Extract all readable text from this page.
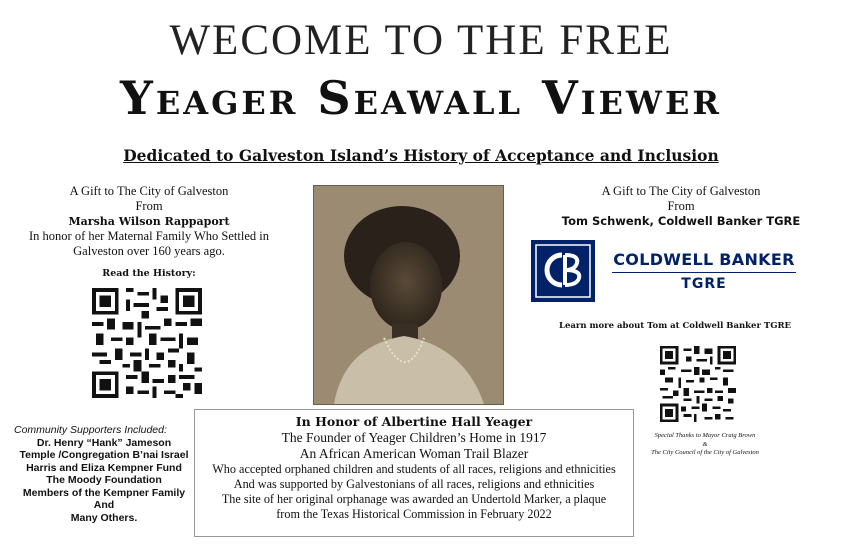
WECOME TO THE FREE
Yeager Seawall Viewer
Dedicated to Galveston Island’s History of Acceptance and Inclusion
A Gift to The City of Galveston
From
Marsha Wilson Rappaport
In honor of her Maternal Family Who Settled in
Galveston over 160 years ago.
Read the History:
A Gift to The City of Galveston
From
Tom Schwenk, Coldwell Banker TGRE
COLDWELL BANKER
TGRE
Learn more about Tom at Coldwell Banker TGRE
Special Thanks to Mayor Craig Brown
&
The City Council of the City of Galveston
Community Supporters Included:
Dr. Henry “Hank” Jameson
Temple /Congregation B’nai Israel
Harris and Eliza Kempner Fund
The Moody Foundation
Members of the Kempner Family
And
Many Others.
In Honor of Albertine Hall Yeager
The Founder of Yeager Children’s Home in 1917
An African American Woman Trail Blazer
Who accepted orphaned children and students of all races, religions and ethnicities
And was supported by Galvestonians of all races, religions and ethnicities
The site of her original orphanage was awarded an Undertold Marker, a plaque
from the Texas Historical Commission in February 2022
